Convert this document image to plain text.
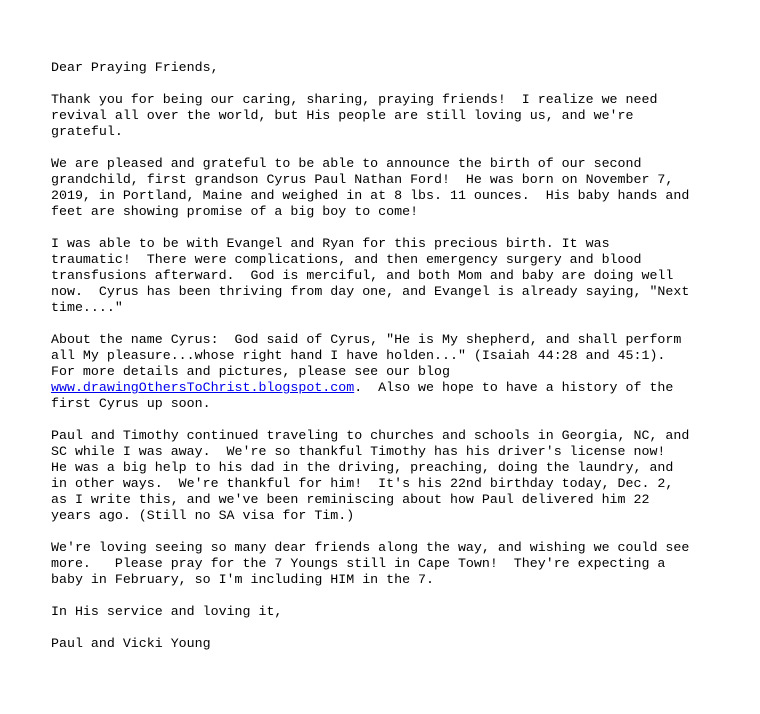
Dear Praying Friends,
Thank you for being our caring, sharing, praying friends!  I realize we need
revival all over the world, but His people are still loving us, and we're
grateful.
We are pleased and grateful to be able to announce the birth of our second
grandchild, first grandson Cyrus Paul Nathan Ford!  He was born on November 7,
2019, in Portland, Maine and weighed in at 8 lbs. 11 ounces.  His baby hands and
feet are showing promise of a big boy to come!
I was able to be with Evangel and Ryan for this precious birth. It was
traumatic!  There were complications, and then emergency surgery and blood
transfusions afterward.  God is merciful, and both Mom and baby are doing well
now.  Cyrus has been thriving from day one, and Evangel is already saying, "Next
time...."
About the name Cyrus:  God said of Cyrus, "He is My shepherd, and shall perform
all My pleasure...whose right hand I have holden..." (Isaiah 44:28 and 45:1).
For more details and pictures, please see our blog
www.drawingOthersToChrist.blogspot.com.  Also we hope to have a history of the
first Cyrus up soon.
Paul and Timothy continued traveling to churches and schools in Georgia, NC, and
SC while I was away.  We're so thankful Timothy has his driver's license now!
He was a big help to his dad in the driving, preaching, doing the laundry, and
in other ways.  We're thankful for him!  It's his 22nd birthday today, Dec. 2,
as I write this, and we've been reminiscing about how Paul delivered him 22
years ago. (Still no SA visa for Tim.)
We're loving seeing so many dear friends along the way, and wishing we could see
more.   Please pray for the 7 Youngs still in Cape Town!  They're expecting a
baby in February, so I'm including HIM in the 7.
In His service and loving it,
Paul and Vicki Young
